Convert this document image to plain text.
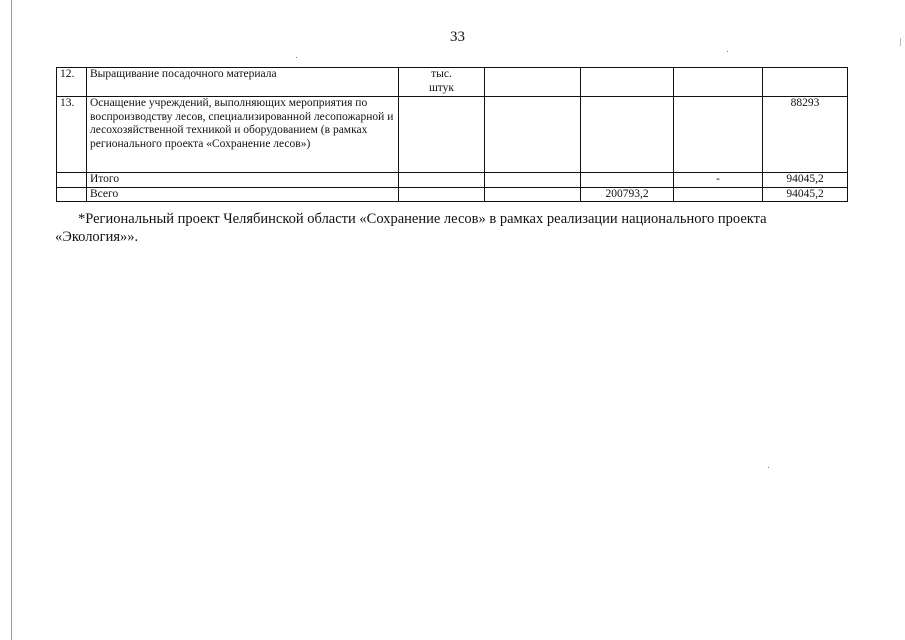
33
12.	Выращивание посадочного материала	тыс.
штук				

13.	Оснащение учреждений, выполняющих мероприятия по воспроизводству лесов, специализированной лесопожарной и лесохозяйственной техникой и оборудованием (в рамках регионального проекта «Сохранение лесов»)					88293
	Итого				-	94045,2
	Всего			200793,2		94045,2
*Региональный проект Челябинской области «Сохранение лесов» в рамках реализации национального проекта «Экология»».
